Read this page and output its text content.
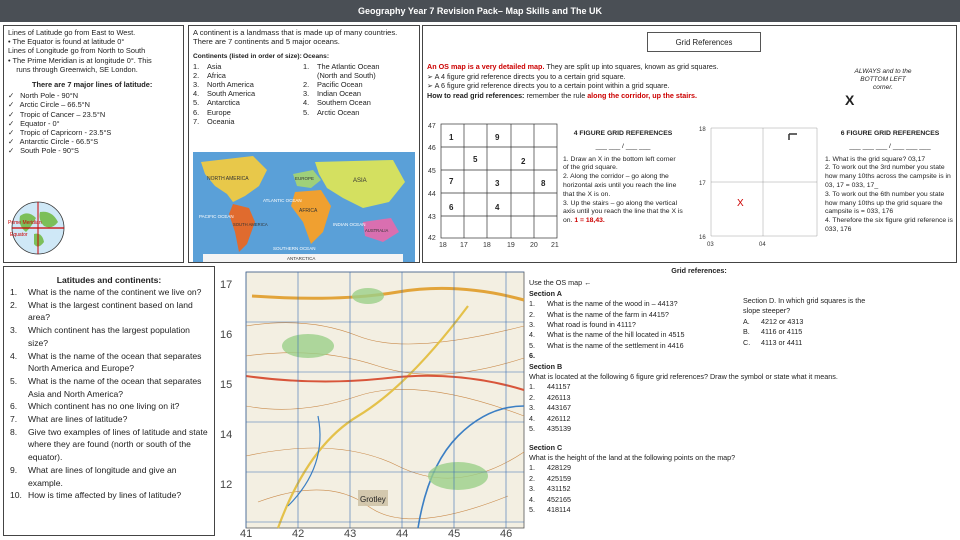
Geography Year 7 Revision Pack– Map Skills and The UK
Lines of Latitude go from East to West.
• The Equator is found at latitude 0°
Lines of Longitude go from North to South
• The Prime Meridian is at longitude 0°. This
runs through Greenwich, SE London.
There are 7 major lines of latitude:
✓ North Pole - 90°N
✓ Arctic Circle – 66.5°N
✓ Tropic of Cancer – 23.5°N
✓ Equator - 0°
✓ Tropic of Capricorn - 23.5°S
✓ Antarctic Circle - 66.5°S
✓ South Pole - 90°S
Prime Meridian
Equator
A continent is a landmass that is made up of many countries. There are 7 continents and 5 major oceans.
Continents (listed in order of size):
1.	Asia
2.	Africa
3.	North America
4.	South America
5.	Antarctica
6.	Europe
7.	Oceania
Oceans:
1.	The Atlantic Ocean
(North and South)
2.	Pacific Ocean
3.	Indian Ocean
4.	Southern Ocean
5.	Arctic Ocean
NORTH AMERICA
ATLANTIC OCEAN
PACIFIC OCEAN
SOUTH AMERICA
AFRICA
EUROPE	ASIA
INDIAN OCEAN
AUSTRALIA
SOUTHERN OCEAN
ANTARCTICA
Grid References
An OS map is a very detailed map. They are split up into squares, known as grid squares.
➢ A 4 figure grid reference directs you to a certain grid square.
➢ A 6 figure grid reference directs you to a certain point within a grid square.
How to read grid references: remember the rule along the corridor, up the stairs.
ALWAYS and to the BOTTOM LEFT corner.
X
47
46
45
44
43
42
18 17 18 19 20 21
1	9
5	2
7	8
3
6	4
4 FIGURE GRID REFERENCES
___ ___ / ___ ___
1. Draw an X in the bottom left corner of the grid square.
2. Along the corridor – go along the horizontal axis until you reach the line that the X is on.
3. Up the stairs – go along the vertical axis until you reach the line that the X is on. 1 = 18,43.
X
18
17
16
03	04
6 FIGURE GRID REFERENCES
___ ___ ___ / ___ ___ ___
1. What is the grid square? 03,17
2. To work out the 3rd number you state how many 10ths across the campsite is in 03, 17 = 033, 17_
3. To work out the 6th number you state how many 10ths up the grid square the campsite is = 033, 176
4. Therefore the six figure grid reference is 033, 176
Latitudes and continents:
1.	What is the name of the continent we live on?
2.	What is the largest continent based on land area?
3.	Which continent has the largest population size?
4.	What is the name of the ocean that separates North America and Europe?
5.	What is the name of the ocean that separates Asia and North America?
6.	Which continent has no one living on it?
7.	What are lines of latitude?
8.	Give two examples of lines of latitude and state where they are found (north or south of the equator).
9.	What are lines of longitude and give an example.
10. How is time affected by lines of latitude?
17
16
15
14
12
41	42	43	44	45	46
Grotley
Grid references:
Use the OS map ←
Section A
1.	What is the name of the wood in – 4413?
2.	What is the name of the farm in 4415?
3.	What road is found in 4111?
4.	What is the name of the hill located in 4515
5.	What is the name of the settlement in 4416
6.
Section B
What is located at the following 6 figure grid references? Draw the symbol or state what it means.
1.	441157
2.	426113
3.	443167
4.	426112
5.	435139
Section C
What is the height of the land at the following points on the map?
1.	428129
2.	425159
3.	431152
4.	452165
5.	418114
Section D. In which grid squares is the slope steeper?
A. 4212 or 4313
B. 4116 or 4115
C. 4113 or 4411
